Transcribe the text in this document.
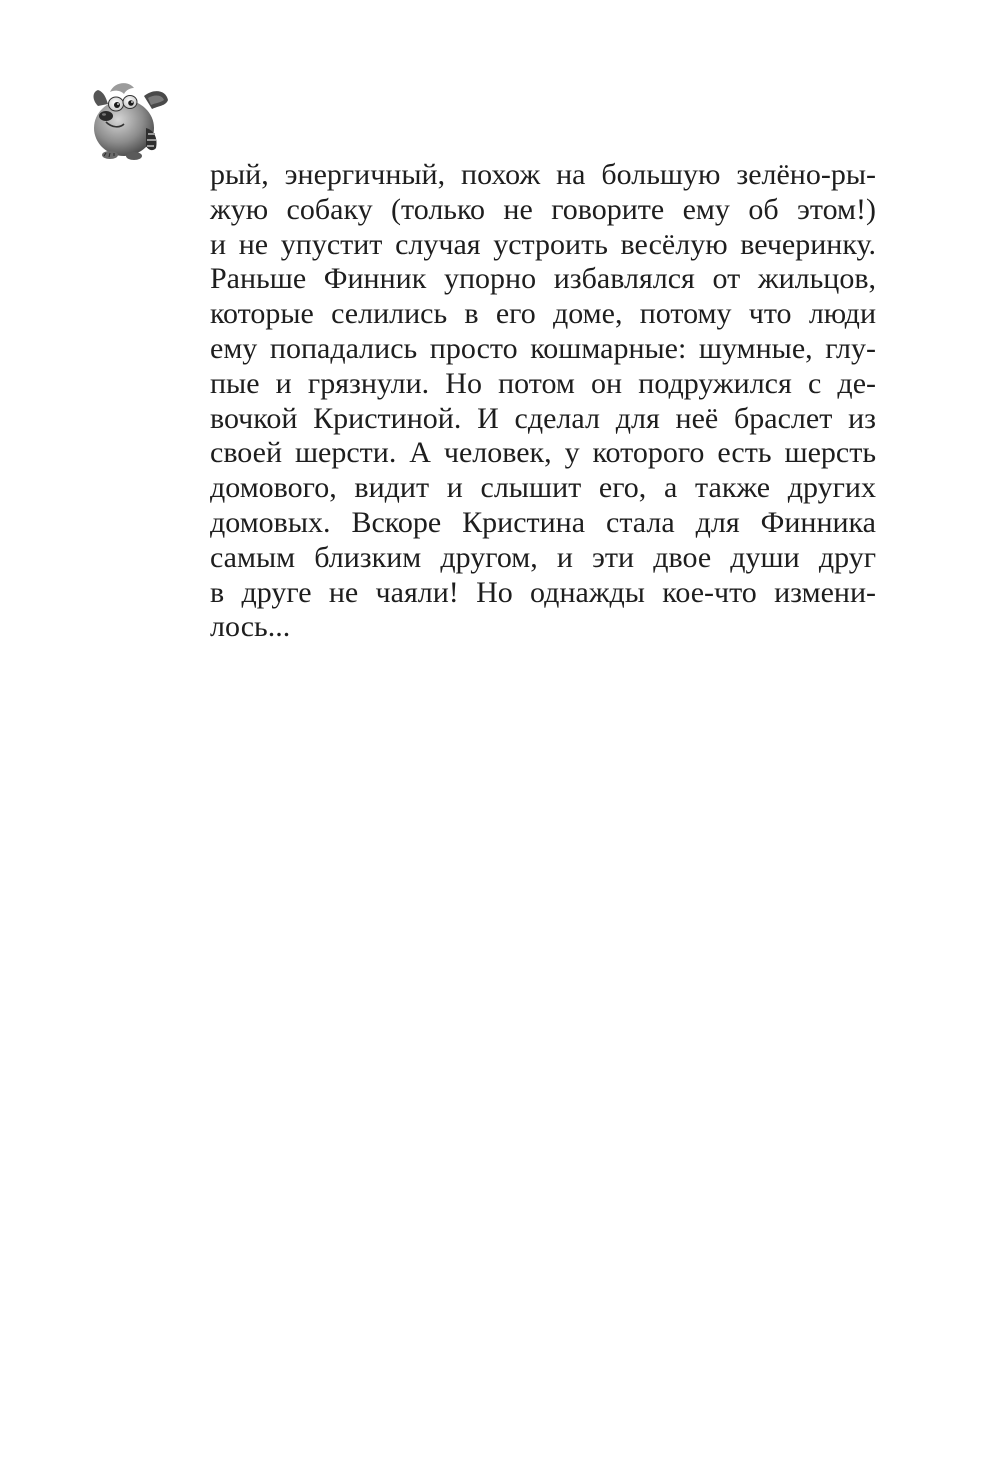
рый, энергичный, похож на большую зелёно-ры-
жую собаку (только не говорите ему об этом!)
и не упустит случая устроить весёлую вечеринку.
Раньше Финник упорно избавлялся от жильцов,
которые селились в его доме, потому что люди
ему попадались просто кошмарные: шумные, глу-
пые и грязнули. Но потом он подружился с де-
вочкой Кристиной. И сделал для неё браслет из
своей шерсти. А человек, у которого есть шерсть
домового, видит и слышит его, а также других
домовых. Вскоре Кристина стала для Финника
самым близким другом, и эти двое души друг
в друге не чаяли! Но однажды кое-что измени-
лось...
